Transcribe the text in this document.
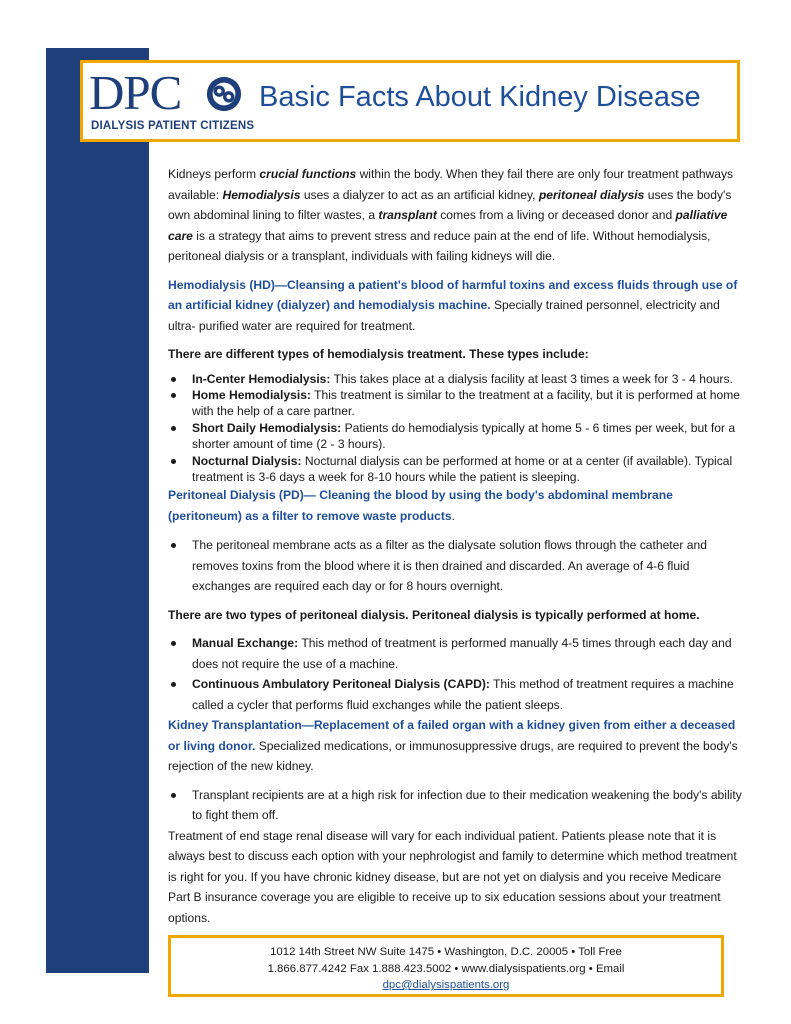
DPC
DIALYSIS PATIENT CITIZENS
Basic Facts About Kidney Disease

Kidneys perform crucial functions within the body. When they fail there are only four treatment pathways available: Hemodialysis uses a dialyzer to act as an artificial kidney, peritoneal dialysis uses the body's own abdominal lining to filter wastes, a transplant comes from a living or deceased donor and palliative care is a strategy that aims to prevent stress and reduce pain at the end of life. Without hemodialysis, peritoneal dialysis or a transplant, individuals with failing kidneys will die.

Hemodialysis (HD)—Cleansing a patient's blood of harmful toxins and excess fluids through use of an artificial kidney (dialyzer) and hemodialysis machine. Specially trained personnel, electricity and ultra- purified water are required for treatment.

There are different types of hemodialysis treatment. These types include:

In-Center Hemodialysis: This takes place at a dialysis facility at least 3 times a week for 3 - 4 hours.
Home Hemodialysis: This treatment is similar to the treatment at a facility, but it is performed at home with the help of a care partner.
Short Daily Hemodialysis: Patients do hemodialysis typically at home 5 - 6 times per week, but for a shorter amount of time (2 - 3 hours).
Nocturnal Dialysis: Nocturnal dialysis can be performed at home or at a center (if available). Typical treatment is 3-6 days a week for 8-10 hours while the patient is sleeping.

Peritoneal Dialysis (PD)— Cleaning the blood by using the body's abdominal membrane (peritoneum) as a filter to remove waste products.

The peritoneal membrane acts as a filter as the dialysate solution flows through the catheter and removes toxins from the blood where it is then drained and discarded. An average of 4-6 fluid exchanges are required each day or for 8 hours overnight.

There are two types of peritoneal dialysis. Peritoneal dialysis is typically performed at home.

Manual Exchange: This method of treatment is performed manually 4-5 times through each day and does not require the use of a machine.
Continuous Ambulatory Peritoneal Dialysis (CAPD): This method of treatment requires a machine called a cycler that performs fluid exchanges while the patient sleeps.

Kidney Transplantation—Replacement of a failed organ with a kidney given from either a deceased or living donor. Specialized medications, or immunosuppressive drugs, are required to prevent the body's rejection of the new kidney.

Transplant recipients are at a high risk for infection due to their medication weakening the body's ability to fight them off.

Treatment of end stage renal disease will vary for each individual patient. Patients please note that it is always best to discuss each option with your nephrologist and family to determine which method treatment is right for you. If you have chronic kidney disease, but are not yet on dialysis and you receive Medicare Part B insurance coverage you are eligible to receive up to six education sessions about your treatment options.

1012 14th Street NW Suite 1475 • Washington, D.C. 20005 • Toll Free
1.866.877.4242 Fax 1.888.423.5002 • www.dialysispatients.org • Email
dpc@dialysispatients.org
